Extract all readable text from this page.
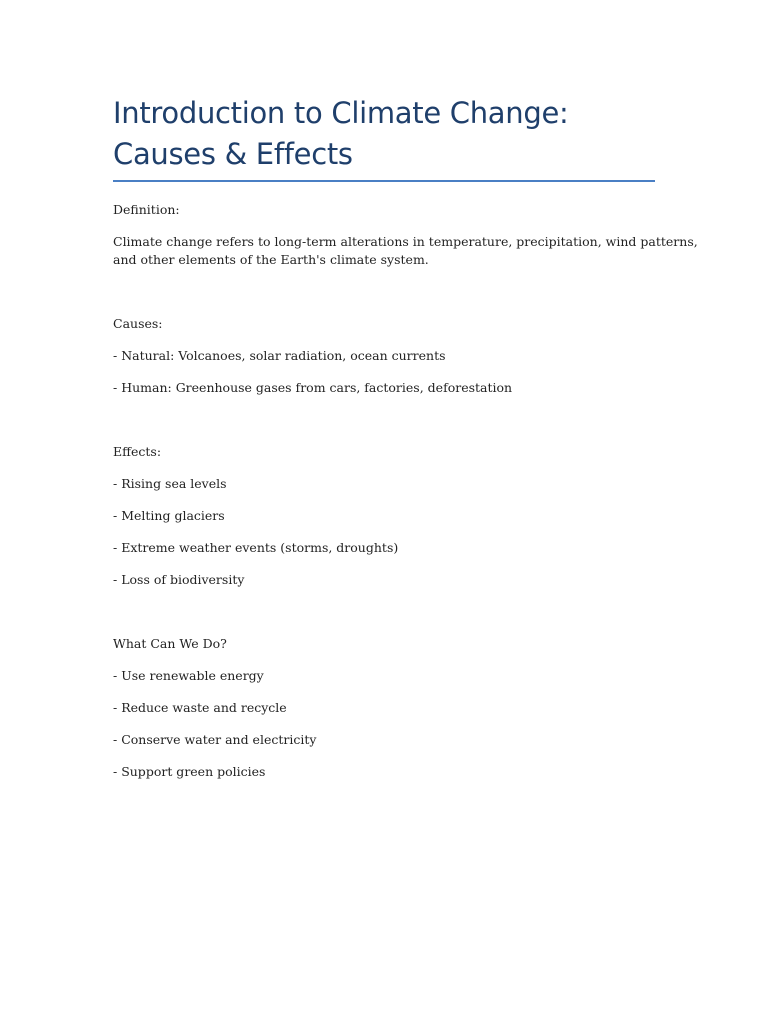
Introduction to Climate Change: Causes & Effects

Definition:

Climate change refers to long-term alterations in temperature, precipitation, wind patterns,

and other elements of the Earth's climate system.

Causes:

- Natural: Volcanoes, solar radiation, ocean currents

- Human: Greenhouse gases from cars, factories, deforestation

Effects:

- Rising sea levels

- Melting glaciers

- Extreme weather events (storms, droughts)

- Loss of biodiversity

What Can We Do?

- Use renewable energy

- Reduce waste and recycle

- Conserve water and electricity

- Support green policies
